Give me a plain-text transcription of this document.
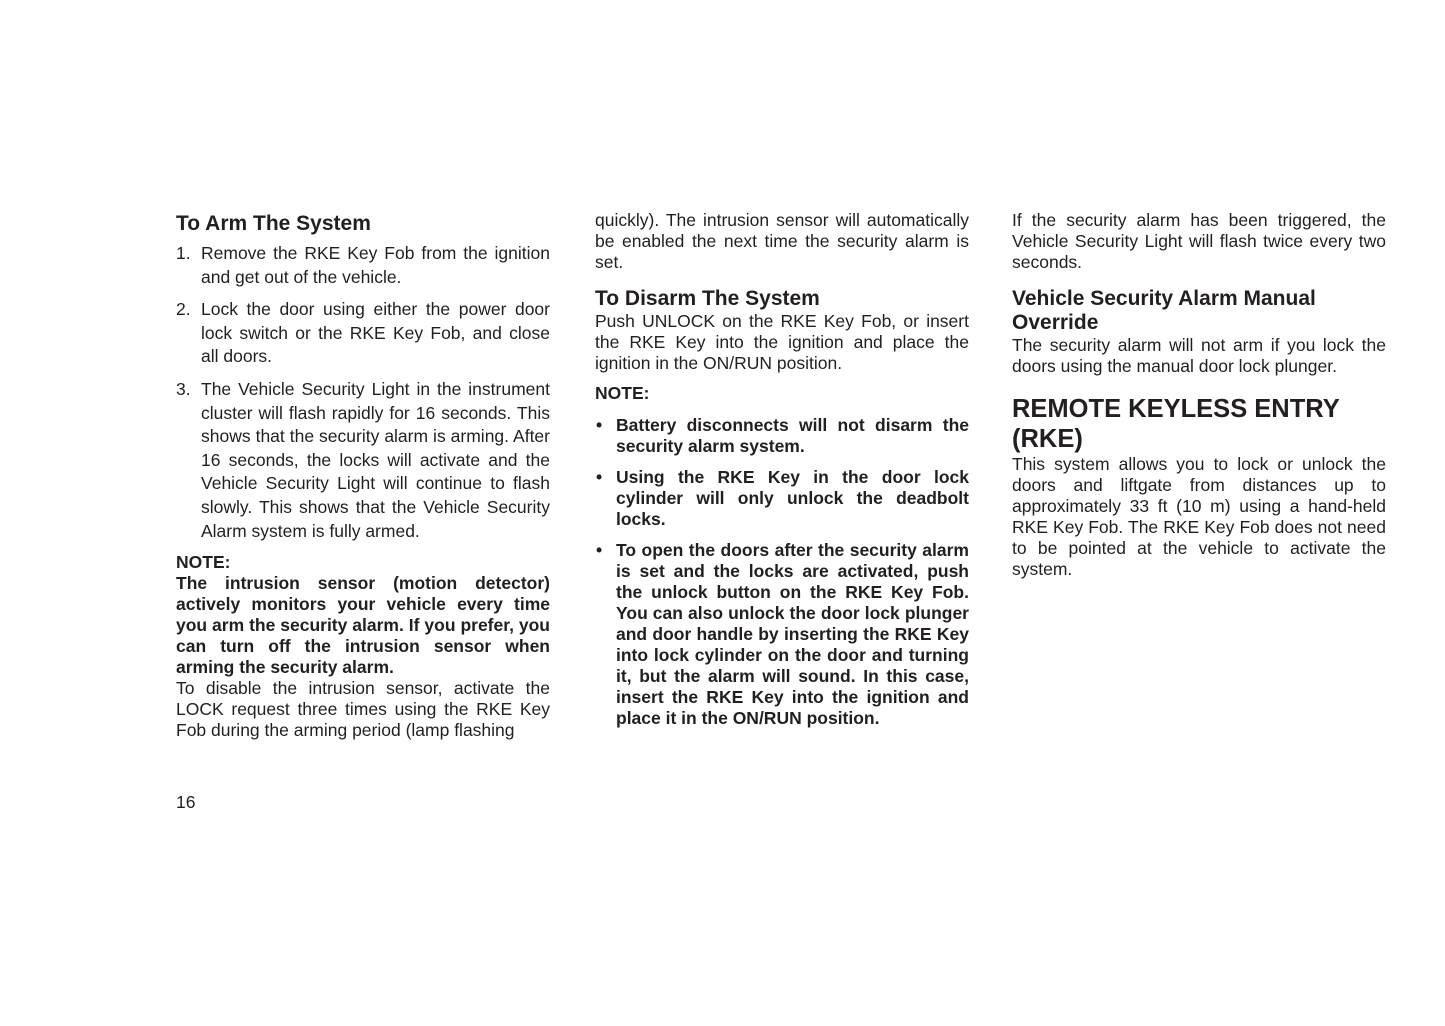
To Arm The System
1. Remove the RKE Key Fob from the ignition and get out of the vehicle.
2. Lock the door using either the power door lock switch or the RKE Key Fob, and close all doors.
3. The Vehicle Security Light in the instrument cluster will flash rapidly for 16 seconds. This shows that the security alarm is arming. After 16 seconds, the locks will activate and the Vehicle Security Light will continue to flash slowly. This shows that the Vehicle Security Alarm system is fully armed.

NOTE:

The intrusion sensor (motion detector) actively monitors your vehicle every time you arm the security alarm. If you prefer, you can turn off the intrusion sensor when arming the security alarm.

To disable the intrusion sensor, activate the LOCK request three times using the RKE Key Fob during the arming period (lamp flashing

quickly). The intrusion sensor will automatically be enabled the next time the security alarm is set.

To Disarm The System

Push UNLOCK on the RKE Key Fob, or insert the RKE Key into the ignition and place the ignition in the ON/RUN position.

NOTE:

• Battery disconnects will not disarm the security alarm system.
• Using the RKE Key in the door lock cylinder will only unlock the deadbolt locks.
• To open the doors after the security alarm is set and the locks are activated, push the unlock button on the RKE Key Fob. You can also unlock the door lock plunger and door handle by inserting the RKE Key into lock cylinder on the door and turning it, but the alarm will sound. In this case, insert the RKE Key into the ignition and place it in the ON/RUN position.

If the security alarm has been triggered, the Vehicle Security Light will flash twice every two seconds.

Vehicle Security Alarm Manual Override

The security alarm will not arm if you lock the doors using the manual door lock plunger.

REMOTE KEYLESS ENTRY (RKE)

This system allows you to lock or unlock the doors and liftgate from distances up to approximately 33 ft (10 m) using a hand-held RKE Key Fob. The RKE Key Fob does not need to be pointed at the vehicle to activate the system.

16
